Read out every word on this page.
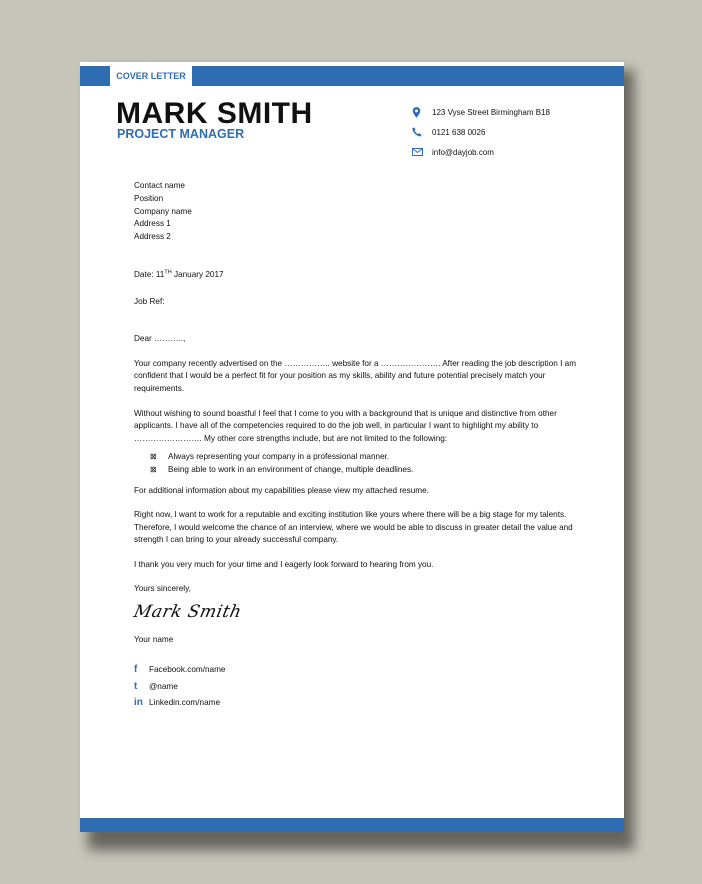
COVER LETTER
MARK SMITH
PROJECT MANAGER
123 Vyse Street Birmingham B18
0121 638 0026
info@dayjob.com

Contact name

Position

Company name

Address 1

Address 2

Date: 11TH January 2017

Job Ref:

Dear ………..,

Your company recently advertised on the …………….. website for a …………………. After reading the job description I am confident that I would be a perfect fit for your position as my skills, ability and future potential precisely match your requirements.

Without wishing to sound boastful I feel that I come to you with a background that is unique and distinctive from other applicants. I have all of the competencies required to do the job well, in particular I want to highlight my ability to ……………………. My other core strengths include, but are not limited to the following:

⊠	Always representing your company in a professional manner.
⊠	Being able to work in an environment of change, multiple deadlines.

For additional information about my capabilities please view my attached resume.

Right now, I want to work for a reputable and exciting institution like yours where there will be a big stage for my talents. Therefore, I would welcome the chance of an interview, where we would be able to discuss in greater detail the value and strength I can bring to your already successful company.

I thank you very much for your time and I eagerly look forward to hearing from you.

Yours sincerely,

Mark Smith

Your name

f	Facebook.com/name
t	@name
in Linkedin.com/name
